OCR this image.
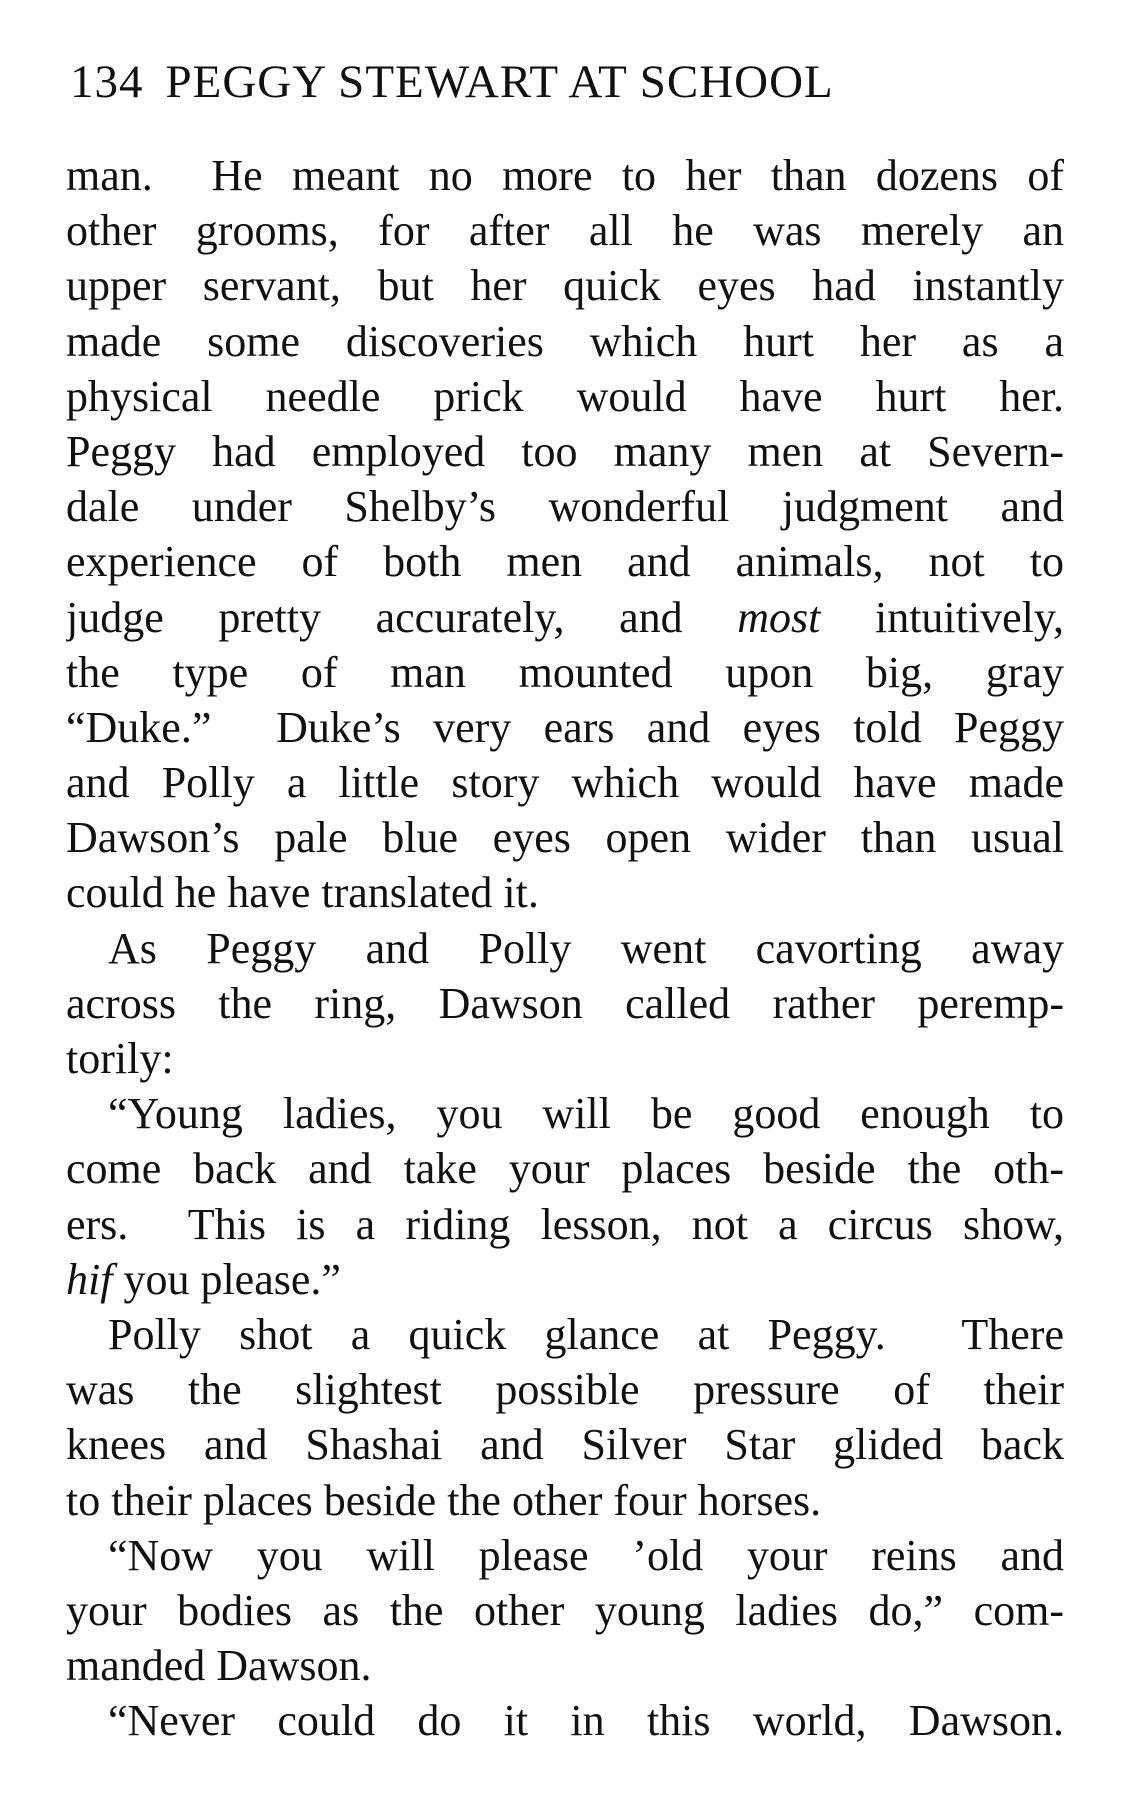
134 PEGGY STEWART AT SCHOOL
man.  He meant no more to her than dozens of
other grooms, for after all he was merely an
upper servant, but her quick eyes had instantly
made some discoveries which hurt her as a
physical needle prick would have hurt her.
Peggy had employed too many men at Severn-
dale under Shelby’s wonderful judgment and
experience of both men and animals, not to
judge pretty accurately, and most intuitively,
the type of man mounted upon big, gray
“Duke.”  Duke’s very ears and eyes told Peggy
and Polly a little story which would have made
Dawson’s pale blue eyes open wider than usual
could he have translated it.
As Peggy and Polly went cavorting away
across the ring, Dawson called rather peremp-
torily:
“Young ladies, you will be good enough to
come back and take your places beside the oth-
ers.  This is a riding lesson, not a circus show,
hif you please.”
Polly shot a quick glance at Peggy.  There
was the slightest possible pressure of their
knees and Shashai and Silver Star glided back
to their places beside the other four horses.
“Now you will please ’old your reins and
your bodies as the other young ladies do,” com-
manded Dawson.
“Never could do it in this world, Dawson.
